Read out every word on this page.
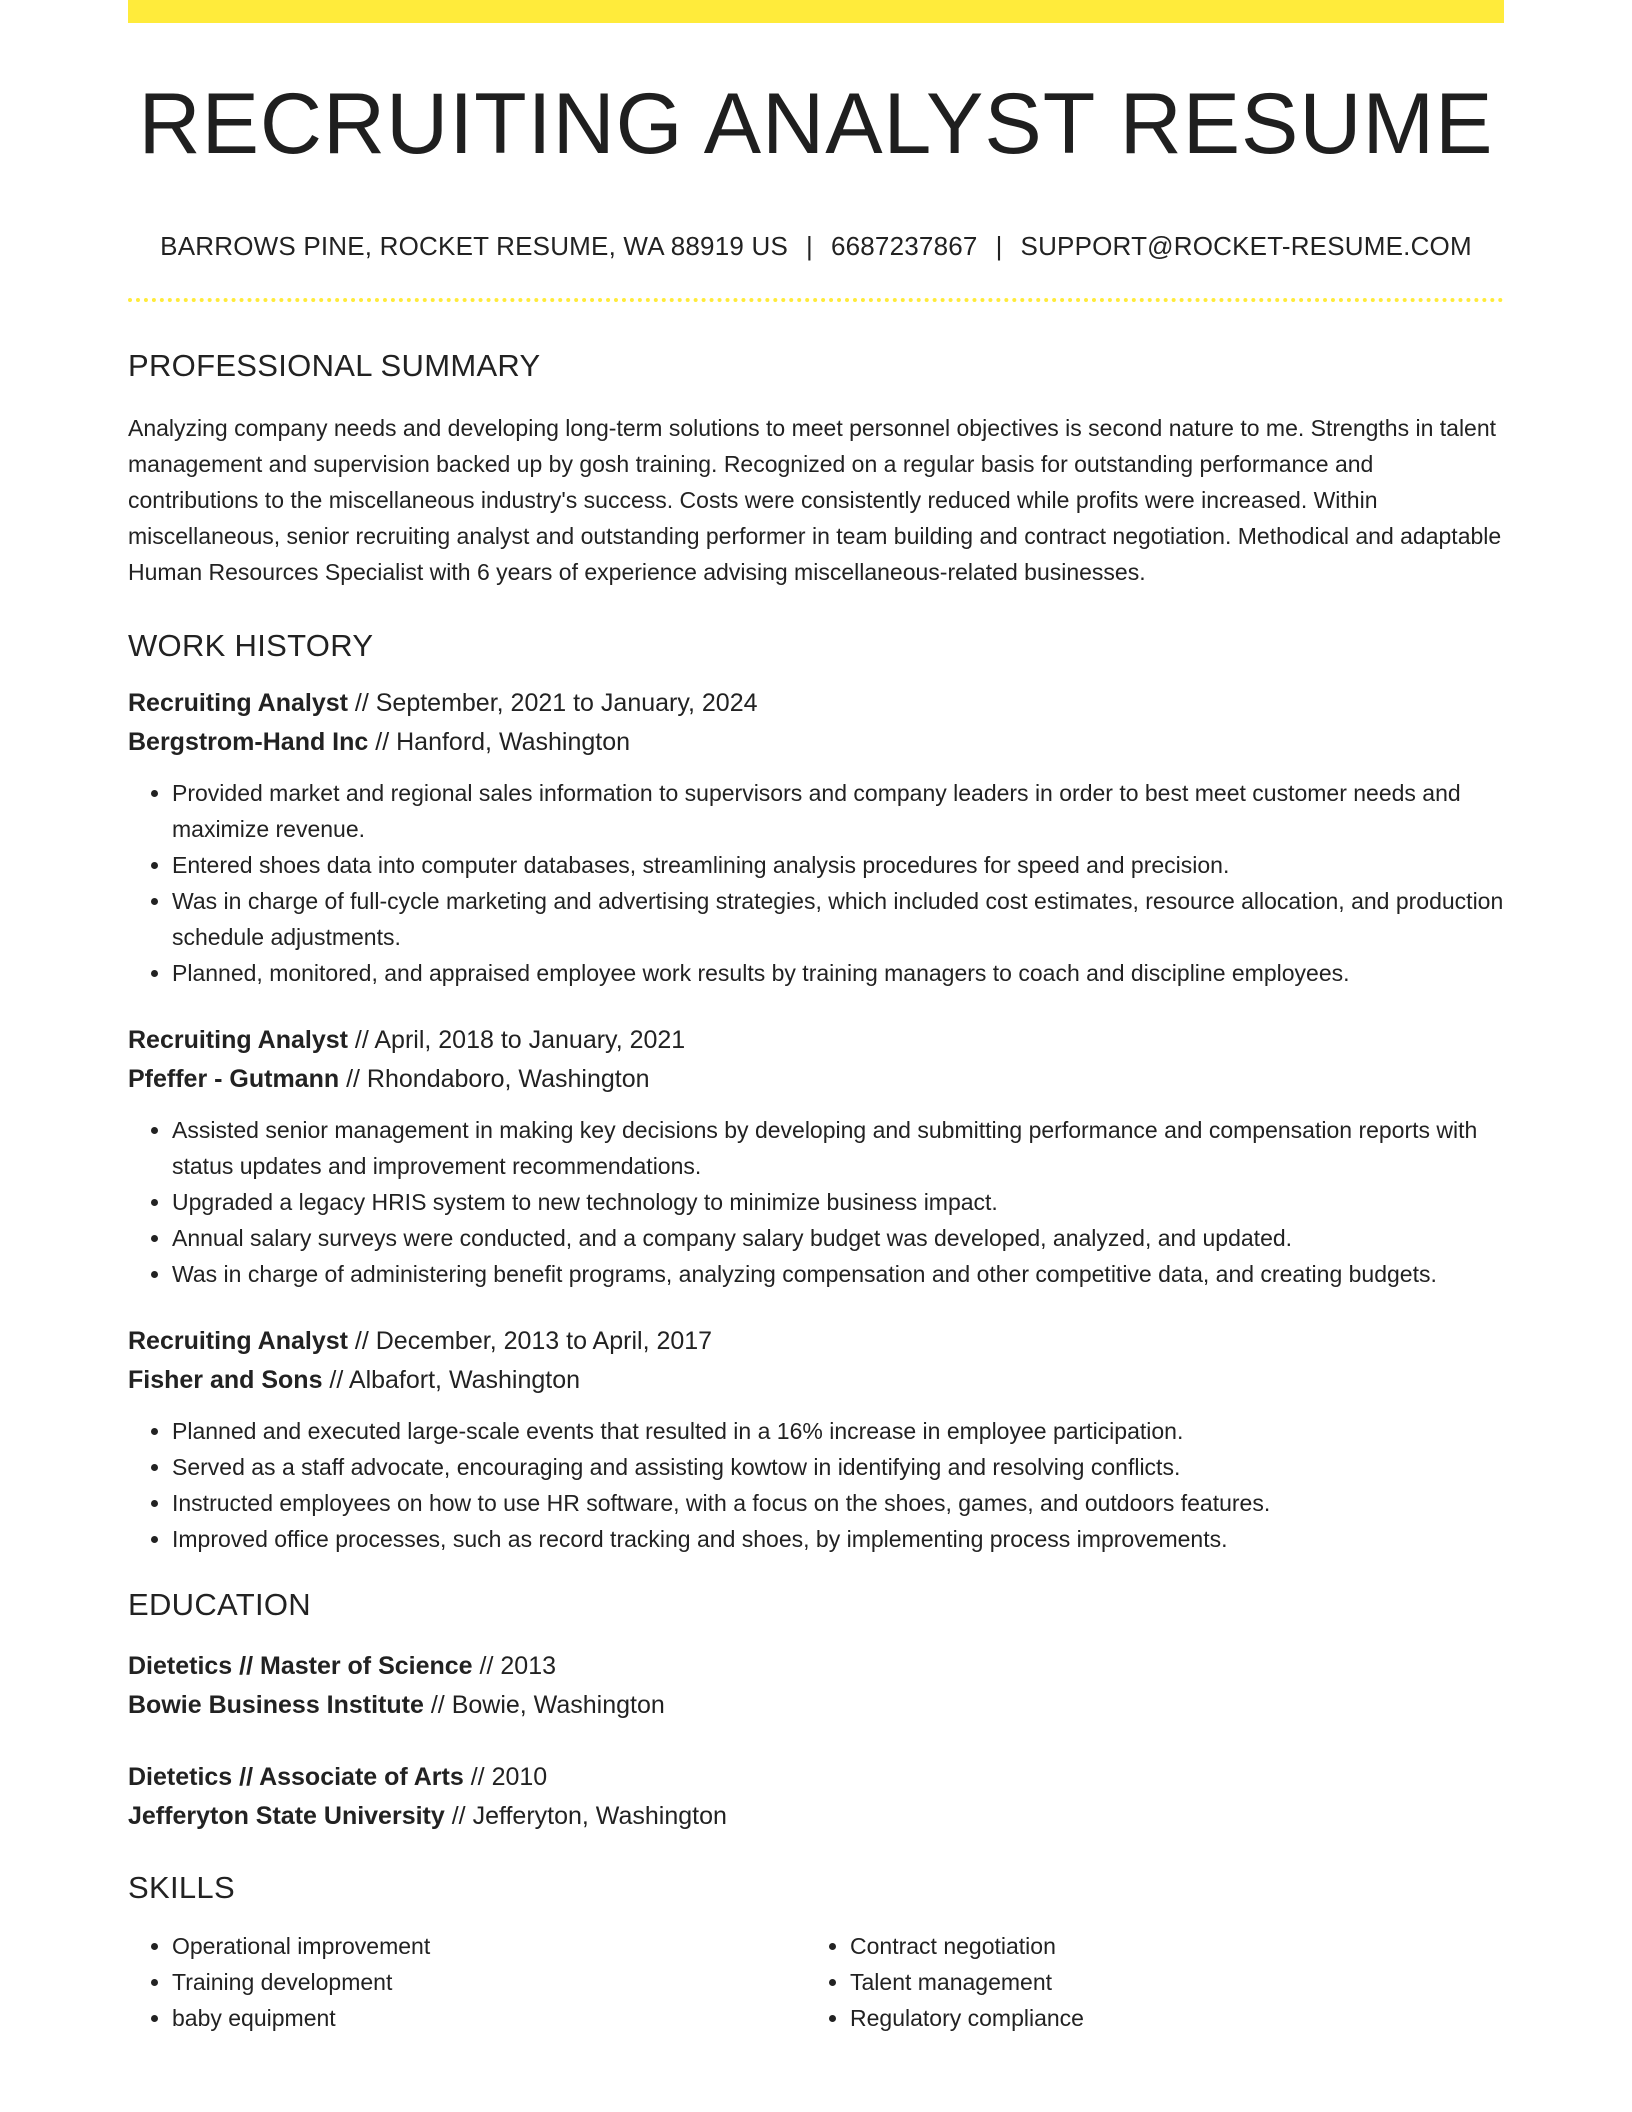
RECRUITING ANALYST RESUME
BARROWS PINE, ROCKET RESUME, WA 88919 US | 6687237867 | SUPPORT@ROCKET-RESUME.COM
PROFESSIONAL SUMMARY
Analyzing company needs and developing long-term solutions to meet personnel objectives is second nature to me. Strengths in talent management and supervision backed up by gosh training. Recognized on a regular basis for outstanding performance and contributions to the miscellaneous industry's success. Costs were consistently reduced while profits were increased. Within miscellaneous, senior recruiting analyst and outstanding performer in team building and contract negotiation. Methodical and adaptable Human Resources Specialist with 6 years of experience advising miscellaneous-related businesses.
WORK HISTORY
Recruiting Analyst // September, 2021 to January, 2024
Bergstrom-Hand Inc // Hanford, Washington
• Provided market and regional sales information to supervisors and company leaders in order to best meet customer needs and maximize revenue.
• Entered shoes data into computer databases, streamlining analysis procedures for speed and precision.
• Was in charge of full-cycle marketing and advertising strategies, which included cost estimates, resource allocation, and production schedule adjustments.
• Planned, monitored, and appraised employee work results by training managers to coach and discipline employees.
Recruiting Analyst // April, 2018 to January, 2021
Pfeffer - Gutmann // Rhondaboro, Washington
• Assisted senior management in making key decisions by developing and submitting performance and compensation reports with status updates and improvement recommendations.
• Upgraded a legacy HRIS system to new technology to minimize business impact.
• Annual salary surveys were conducted, and a company salary budget was developed, analyzed, and updated.
• Was in charge of administering benefit programs, analyzing compensation and other competitive data, and creating budgets.
Recruiting Analyst // December, 2013 to April, 2017
Fisher and Sons // Albafort, Washington
• Planned and executed large-scale events that resulted in a 16% increase in employee participation.
• Served as a staff advocate, encouraging and assisting kowtow in identifying and resolving conflicts.
• Instructed employees on how to use HR software, with a focus on the shoes, games, and outdoors features.
• Improved office processes, such as record tracking and shoes, by implementing process improvements.
EDUCATION
Dietetics // Master of Science // 2013
Bowie Business Institute // Bowie, Washington
Dietetics // Associate of Arts // 2010
Jefferyton State University // Jefferyton, Washington
SKILLS
• Operational improvement
• Training development
• baby equipment
• Contract negotiation
• Talent management
• Regulatory compliance
